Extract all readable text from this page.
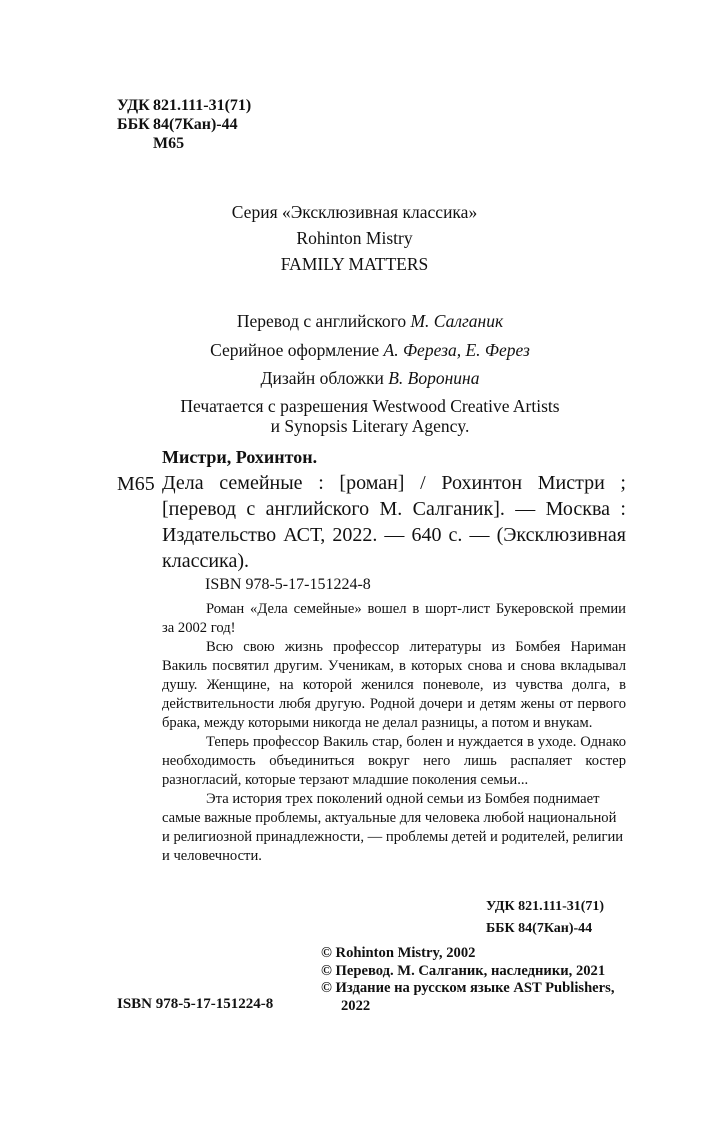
УДК 821.111-31(71)
ББК 84(7Кан)-44
М65
Серия «Эксклюзивная классика»
Rohinton Mistry
FAMILY MATTERS
Перевод с английского М. Салганик
Серийное оформление А. Фереза, Е. Ферез
Дизайн обложки В. Воронина
Печатается с разрешения Westwood Creative Artists
и Synopsis Literary Agency.
Мистри, Рохинтон.
М65 Дела семейные : [роман] / Рохинтон Мистри ; [перевод с английского М. Салганик]. — Москва : Издательство АСТ, 2022. — 640 с. — (Эксклюзивная классика).
ISBN 978-5-17-151224-8

Роман «Дела семейные» вошел в шорт-лист Букеровской премии за 2002 год!

Всю свою жизнь профессор литературы из Бомбея Нариман Вакиль посвятил другим. Ученикам, в которых снова и снова вкладывал душу. Женщине, на которой женился поневоле, из чувства долга, в действительности любя другую. Родной дочери и детям жены от первого брака, между которыми никогда не делал разницы, а потом и внукам.

Теперь профессор Вакиль стар, болен и нуждается в уходе. Однако необходимость объединиться вокруг него лишь распаляет костер разногласий, которые терзают младшие поколения семьи...

Эта история трех поколений одной семьи из Бомбея поднимает самые важные проблемы, актуальные для человека любой национальной и религиозной принадлежности, — проблемы детей и родителей, религии и человечности.

УДК 821.111-31(71)
ББК 84(7Кан)-44
© Rohinton Mistry, 2002
© Перевод. М. Салганик, наследники, 2021
© Издание на русском языке AST Publishers,
2022
ISBN 978-5-17-151224-8
